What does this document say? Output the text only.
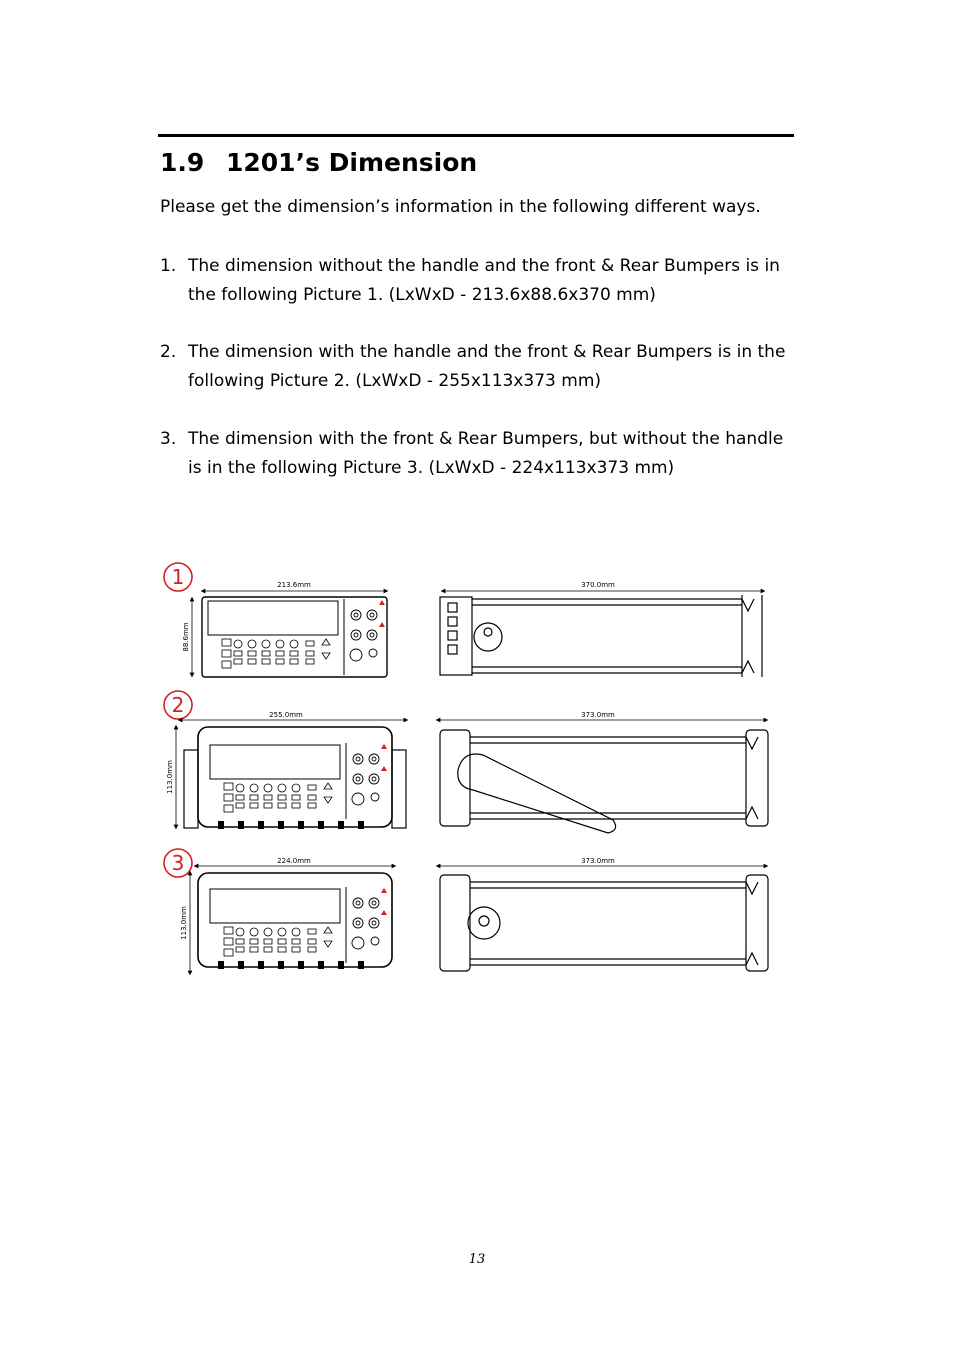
1.9 1201’s Dimension
Please get the dimension’s information in the following different ways.
1. The dimension without the handle and the front & Rear Bumpers is in
the following Picture 1. (LxWxD - 213.6x88.6x370 mm)
2. The dimension with the handle and the front & Rear Bumpers is in the
following Picture 2. (LxWxD - 255x113x373 mm)
3. The dimension with the front & Rear Bumpers, but without the handle
is in the following Picture 3. (LxWxD - 224x113x373 mm)
1	213.6mm
88.6mm
370.0mm
2	255.0mm
113.0mm
373.0mm
3	224.0mm
113.0mm
373.0mm
13
